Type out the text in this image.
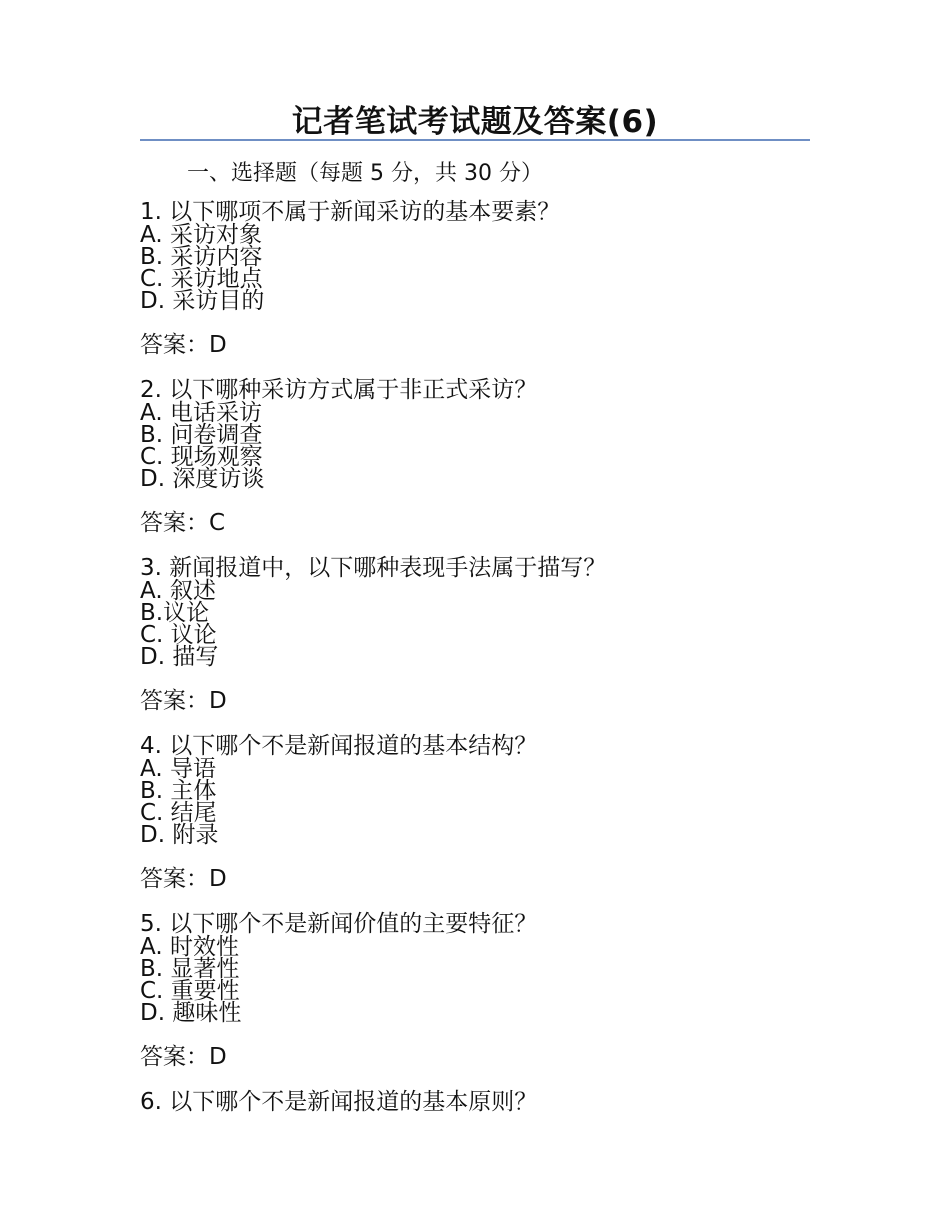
记者笔试考试题及答案(6)
一、选择题（每题 5 分，共 30 分）
1. 以下哪项不属于新闻采访的基本要素？
A. 采访对象
B. 采访内容
C. 采访地点
D. 采访目的
答案：D
2. 以下哪种采访方式属于非正式采访？
A. 电话采访
B. 问卷调查
C. 现场观察
D. 深度访谈
答案：C
3. 新闻报道中，以下哪种表现手法属于描写？
A. 叙述
B.议论
C. 议论
D. 描写
答案：D
4. 以下哪个不是新闻报道的基本结构？
A. 导语
B. 主体
C. 结尾
D. 附录
答案：D
5. 以下哪个不是新闻价值的主要特征？
A. 时效性
B. 显著性
C. 重要性
D. 趣味性
答案：D
6. 以下哪个不是新闻报道的基本原则？
